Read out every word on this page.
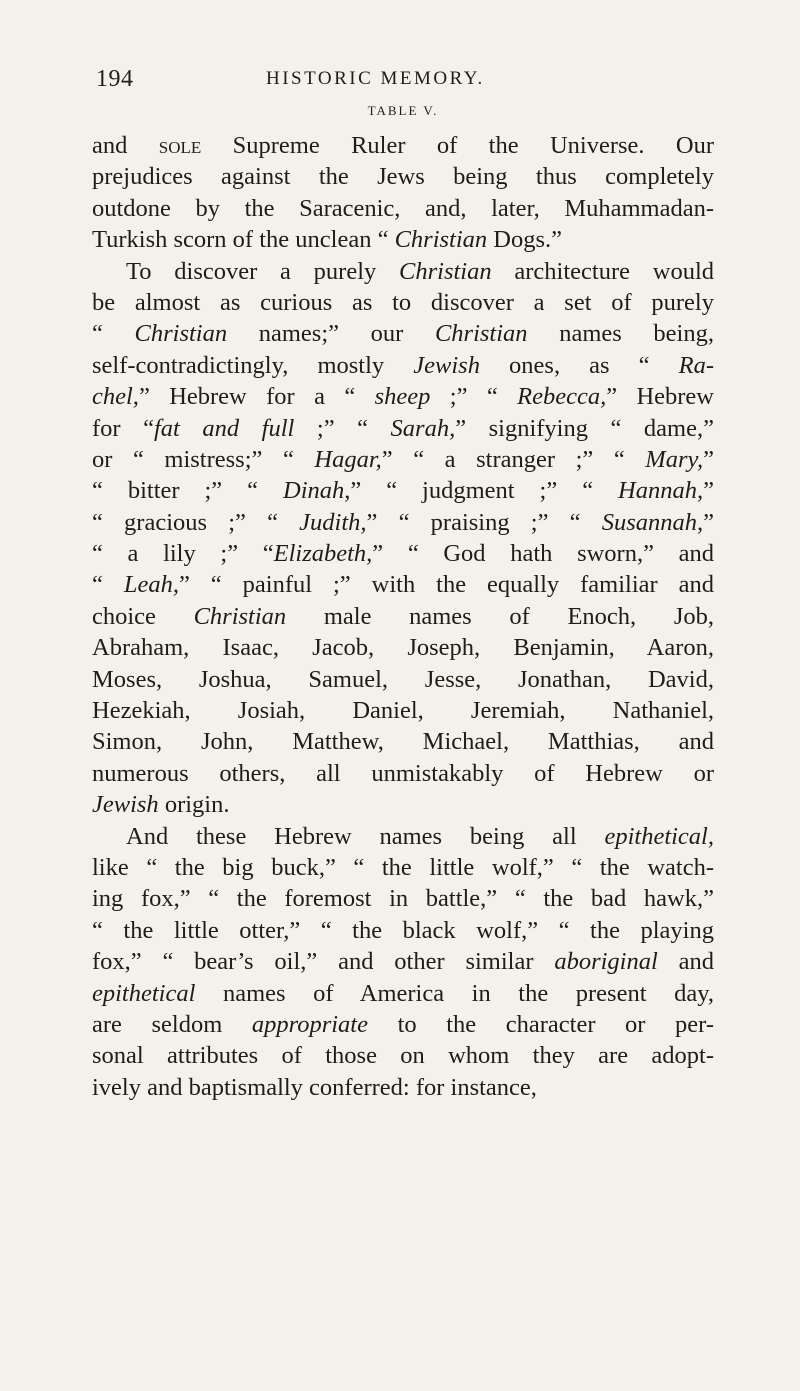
194	HISTORIC MEMORY.
TABLE V.
and sole Supreme Ruler of the Universe. Our
prejudices against the Jews being thus completely
outdone by the Saracenic, and, later, Muhammadan-
Turkish scorn of the unclean “ Christian Dogs.”
To discover a purely Christian architecture would
be almost as curious as to discover a set of purely
“ Christian names;” our Christian names being,
self-contradictingly, mostly Jewish ones, as “ Ra-
chel,” Hebrew for a “ sheep ;” “ Rebecca,” Hebrew
for “fat and full ;” “ Sarah,” signifying “ dame,”
or “ mistress;” “ Hagar,” “ a stranger ;” “ Mary,”
“ bitter ;” “ Dinah,” “ judgment ;” “ Hannah,”
“ gracious ;” “ Judith,” “ praising ;” “ Susannah,”
“ a lily ;” “Elizabeth,” “ God hath sworn,” and
“ Leah,” “ painful ;” with the equally familiar and
choice Christian male names of Enoch, Job,
Abraham, Isaac, Jacob, Joseph, Benjamin, Aaron,
Moses, Joshua, Samuel, Jesse, Jonathan, David,
Hezekiah, Josiah, Daniel, Jeremiah, Nathaniel,
Simon, John, Matthew, Michael, Matthias, and
numerous others, all unmistakably of Hebrew or
Jewish origin.
And these Hebrew names being all epithetical,
like “ the big buck,” “ the little wolf,” “ the watch-
ing fox,” “ the foremost in battle,” “ the bad hawk,”
“ the little otter,” “ the black wolf,” “ the playing
fox,” “ bear’s oil,” and other similar aboriginal and
epithetical names of America in the present day,
are seldom appropriate to the character or per-
sonal attributes of those on whom they are adopt-
ively and baptismally conferred: for instance,
